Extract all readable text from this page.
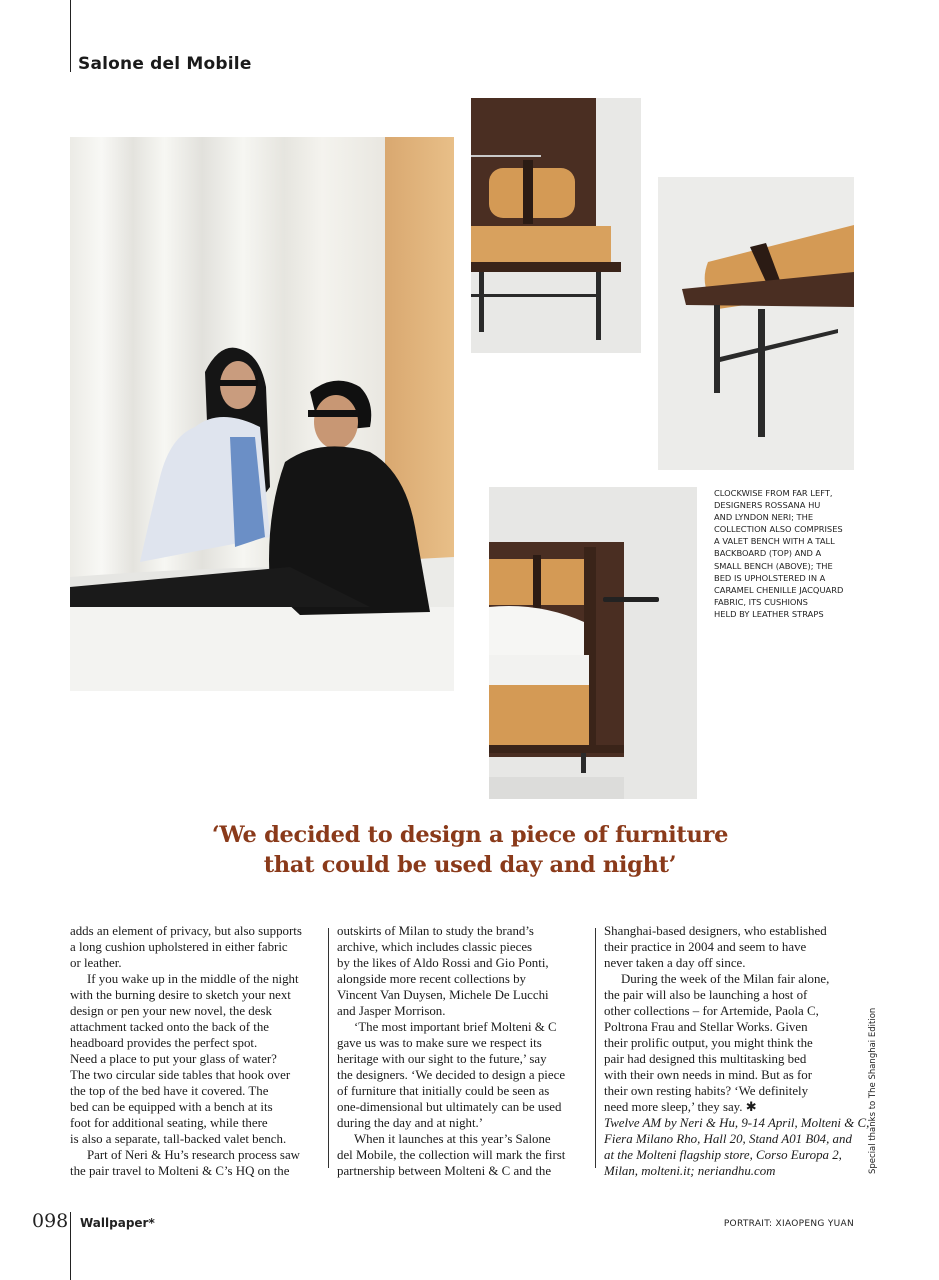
Salone del Mobile

CLOCKWISE FROM FAR LEFT,
DESIGNERS ROSSANA HU
AND LYNDON NERI; THE
COLLECTION ALSO COMPRISES
A VALET BENCH WITH A TALL
BACKBOARD (TOP) AND A
SMALL BENCH (ABOVE); THE
BED IS UPHOLSTERED IN A
CARAMEL CHENILLE JACQUARD
FABRIC, ITS CUSHIONS
HELD BY LEATHER STRAPS

‘We decided to design a piece of furniture
that could be used day and night’
adds an element of privacy, but also supports
a long cushion upholstered in either fabric
or leather.
If you wake up in the middle of the night
with the burning desire to sketch your next
design or pen your new novel, the desk
attachment tacked onto the back of the
headboard provides the perfect spot.
Need a place to put your glass of water?
The two circular side tables that hook over
the top of the bed have it covered. The
bed can be equipped with a bench at its
foot for additional seating, while there
is also a separate, tall-backed valet bench.
Part of Neri & Hu’s research process saw
the pair travel to Molteni & C’s HQ on the
outskirts of Milan to study the brand’s
archive, which includes classic pieces
by the likes of Aldo Rossi and Gio Ponti,
alongside more recent collections by
Vincent Van Duysen, Michele De Lucchi
and Jasper Morrison.
‘The most important brief Molteni & C
gave us was to make sure we respect its
heritage with our sight to the future,’ say
the designers. ‘We decided to design a piece
of furniture that initially could be seen as
one-dimensional but ultimately can be used
during the day and at night.’
When it launches at this year’s Salone
del Mobile, the collection will mark the first
partnership between Molteni & C and the
Shanghai-based designers, who established
their practice in 2004 and seem to have
never taken a day off since.
During the week of the Milan fair alone,
the pair will also be launching a host of
other collections – for Artemide, Paola C,
Poltrona Frau and Stellar Works. Given
their prolific output, you might think the
pair had designed this multitasking bed
with their own needs in mind. But as for
their own resting habits? ‘We definitely
need more sleep,’ they say. ✱
Twelve AM by Neri & Hu, 9-14 April, Molteni & C,
Fiera Milano Rho, Hall 20, Stand A01 B04, and
at the Molteni flagship store, Corso Europa 2,
Milan, molteni.it; neriandhu.com	Special thanks to The Shanghai Edition
098 Wallpaper*	PORTRAIT: XIAOPENG YUAN
